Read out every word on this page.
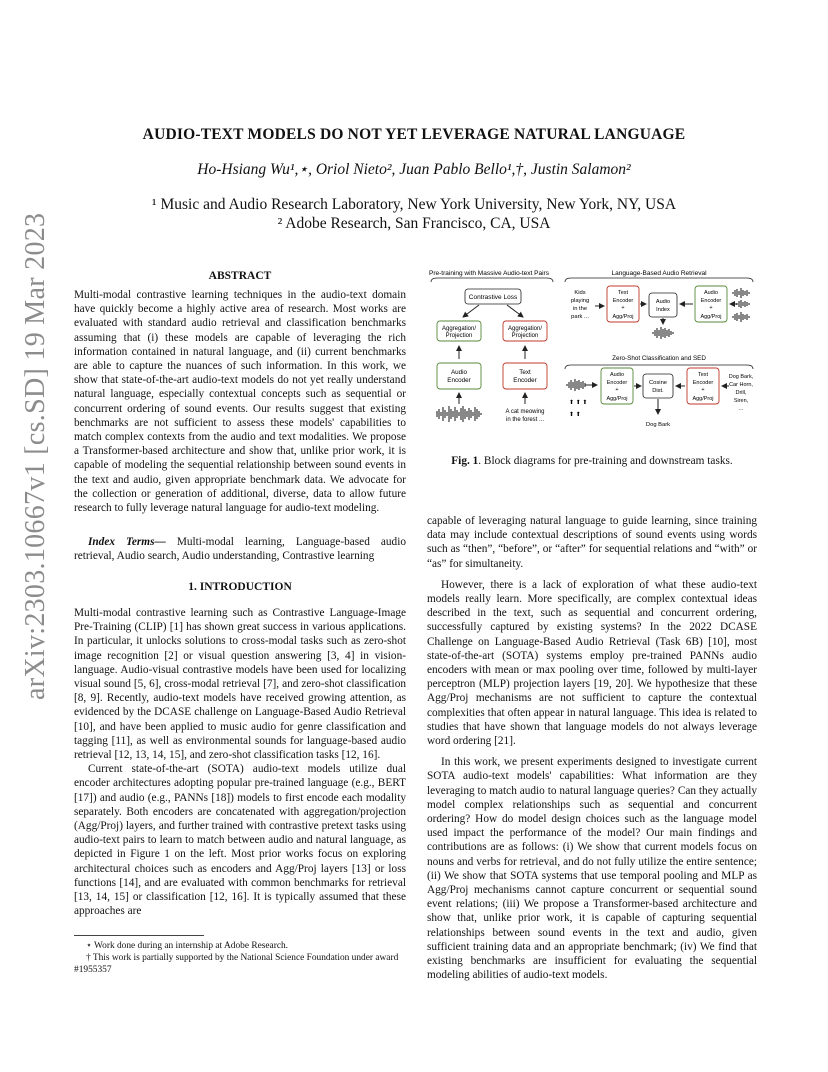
arXiv:2303.10667v1 [cs.SD] 19 Mar 2023
AUDIO-TEXT MODELS DO NOT YET LEVERAGE NATURAL LANGUAGE
Ho-Hsiang Wu¹,⋆, Oriol Nieto², Juan Pablo Bello¹,†, Justin Salamon²
¹ Music and Audio Research Laboratory, New York University, New York, NY, USA
² Adobe Research, San Francisco, CA, USA

ABSTRACT

Multi-modal contrastive learning techniques in the audio-text domain have quickly become a highly active area of research. Most works are evaluated with standard audio retrieval and classification benchmarks assuming that (i) these models are capable of leveraging the rich information contained in natural language, and (ii) current benchmarks are able to capture the nuances of such information. In this work, we show that state-of-the-art audio-text models do not yet really understand natural language, especially contextual concepts such as sequential or concurrent ordering of sound events. Our results suggest that existing benchmarks are not sufficient to assess these models' capabilities to match complex contexts from the audio and text modalities. We propose a Transformer-based architecture and show that, unlike prior work, it is capable of modeling the sequential relationship between sound events in the text and audio, given appropriate benchmark data. We advocate for the collection or generation of additional, diverse, data to allow future research to fully leverage natural language for audio-text modeling.

Index Terms— Multi-modal learning, Language-based audio retrieval, Audio search, Audio understanding, Contrastive learning

1. INTRODUCTION

Multi-modal contrastive learning such as Contrastive Language-Image Pre-Training (CLIP) [1] has shown great success in various applications. In particular, it unlocks solutions to cross-modal tasks such as zero-shot image recognition [2] or visual question answering [3, 4] in vision-language. Audio-visual contrastive models have been used for localizing visual sound [5, 6], cross-modal retrieval [7], and zero-shot classification [8, 9]. Recently, audio-text models have received growing attention, as evidenced by the DCASE challenge on Language-Based Audio Retrieval [10], and have been applied to music audio for genre classification and tagging [11], as well as environmental sounds for language-based audio retrieval [12, 13, 14, 15], and zero-shot classification tasks [12, 16].

Current state-of-the-art (SOTA) audio-text models utilize dual encoder architectures adopting popular pre-trained language (e.g., BERT [17]) and audio (e.g., PANNs [18]) models to first encode each modality separately. Both encoders are concatenated with aggregation/projection (Agg/Proj) layers, and further trained with contrastive pretext tasks using audio-text pairs to learn to match between audio and natural language, as depicted in Figure 1 on the left. Most prior works focus on exploring architectural choices such as encoders and Agg/Proj layers [13] or loss functions [14], and are evaluated with common benchmarks for retrieval [13, 14, 15] or classification [12, 16]. It is typically assumed that these approaches are

⋆ Work done during an internship at Adobe Research.

† This work is partially supported by the National Science Foundation under award #1955357

Pre-training with Massive Audio-text Pairs	Language-Based Audio Retrieval
Contrastive Loss
Aggregation/
Projection
Aggregation/
Projection
Audio
Encoder
Text
Encoder
A cat meowing
in the forest ...
Kids
playing
in the
park ...
Text
Encoder
+
Agg/Proj
Audio
Index
Audio
Encoder
+
Agg/Proj
Zero-Shot Classification and SED
⬆ ⬆ ⬆
⬆ ⬆
Audio
Encoder
+
Agg/Proj
Cosine
Dist.
Dog Bark
Text
Encoder
+
Agg/Proj
Dog Bark,
Car Horn,
Drill,
Siren,
...
Fig. 1. Block diagrams for pre-training and downstream tasks.

capable of leveraging natural language to guide learning, since training data may include contextual descriptions of sound events using words such as “then”, “before”, or “after” for sequential relations and “with” or “as” for simultaneity.

However, there is a lack of exploration of what these audio-text models really learn. More specifically, are complex contextual ideas described in the text, such as sequential and concurrent ordering, successfully captured by existing systems? In the 2022 DCASE Challenge on Language-Based Audio Retrieval (Task 6B) [10], most state-of-the-art (SOTA) systems employ pre-trained PANNs audio encoders with mean or max pooling over time, followed by multi-layer perceptron (MLP) projection layers [19, 20]. We hypothesize that these Agg/Proj mechanisms are not sufficient to capture the contextual complexities that often appear in natural language. This idea is related to studies that have shown that language models do not always leverage word ordering [21].

In this work, we present experiments designed to investigate current SOTA audio-text models' capabilities: What information are they leveraging to match audio to natural language queries? Can they actually model complex relationships such as sequential and concurrent ordering? How do model design choices such as the language model used impact the performance of the model? Our main findings and contributions are as follows: (i) We show that current models focus on nouns and verbs for retrieval, and do not fully utilize the entire sentence; (ii) We show that SOTA systems that use temporal pooling and MLP as Agg/Proj mechanisms cannot capture concurrent or sequential sound event relations; (iii) We propose a Transformer-based architecture and show that, unlike prior work, it is capable of capturing sequential relationships between sound events in the text and audio, given sufficient training data and an appropriate benchmark; (iv) We find that existing benchmarks are insufficient for evaluating the sequential modeling abilities of audio-text models.
